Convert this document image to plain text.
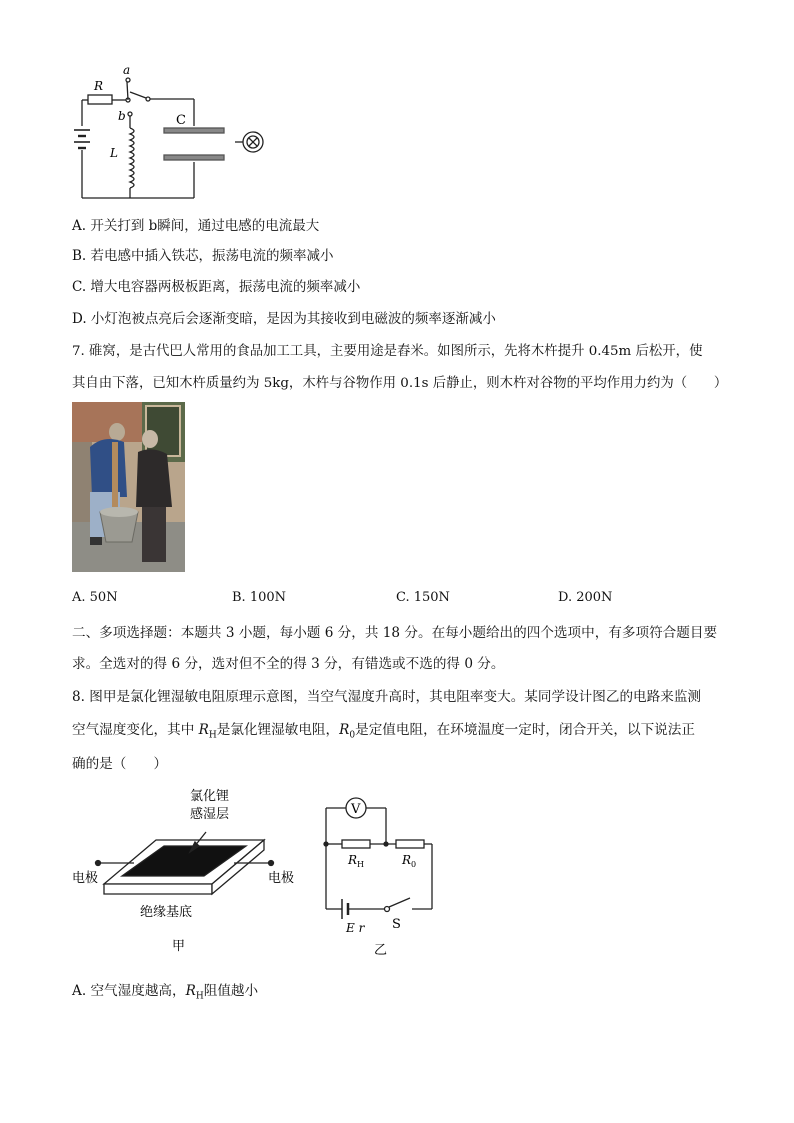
R
a
b
L
C
A. 开关打到 b瞬间，通过电感的电流最大
B. 若电感中插入铁芯，振荡电流的频率减小
C. 增大电容器两极板距离，振荡电流的频率减小
D. 小灯泡被点亮后会逐渐变暗，是因为其接收到电磁波的频率逐渐减小
7. 碓窝，是古代巴人常用的食品加工工具，主要用途是舂米。如图所示，先将木杵提升 0.45m 后松开，使
其自由下落，已知木杵质量约为 5kg，木杵与谷物作用 0.1s 后静止，则木杵对谷物的平均作用力约为（　　）
A. 50N	B. 100N	C. 150N	D. 200N
二、多项选择题：本题共 3 小题，每小题 6 分，共 18 分。在每小题给出的四个选项中，有多项符合题目要
求。全选对的得 6 分，选对但不全的得 3 分，有错选或不选的得 0 分。
8. 图甲是氯化锂湿敏电阻原理示意图，当空气湿度升高时，其电阻率变大。某同学设计图乙的电路来监测
空气湿度变化，其中 $R_H$是氯化锂湿敏电阻，$R_0$是定值电阻，在环境温度一定时，闭合开关，以下说法正
确的是（　　）
氯化锂
感湿层
电极	电极
绝缘基底
甲
V
$R_H$	$R_0$
E r S
乙
A. 空气湿度越高，$R_H$阻值越小
